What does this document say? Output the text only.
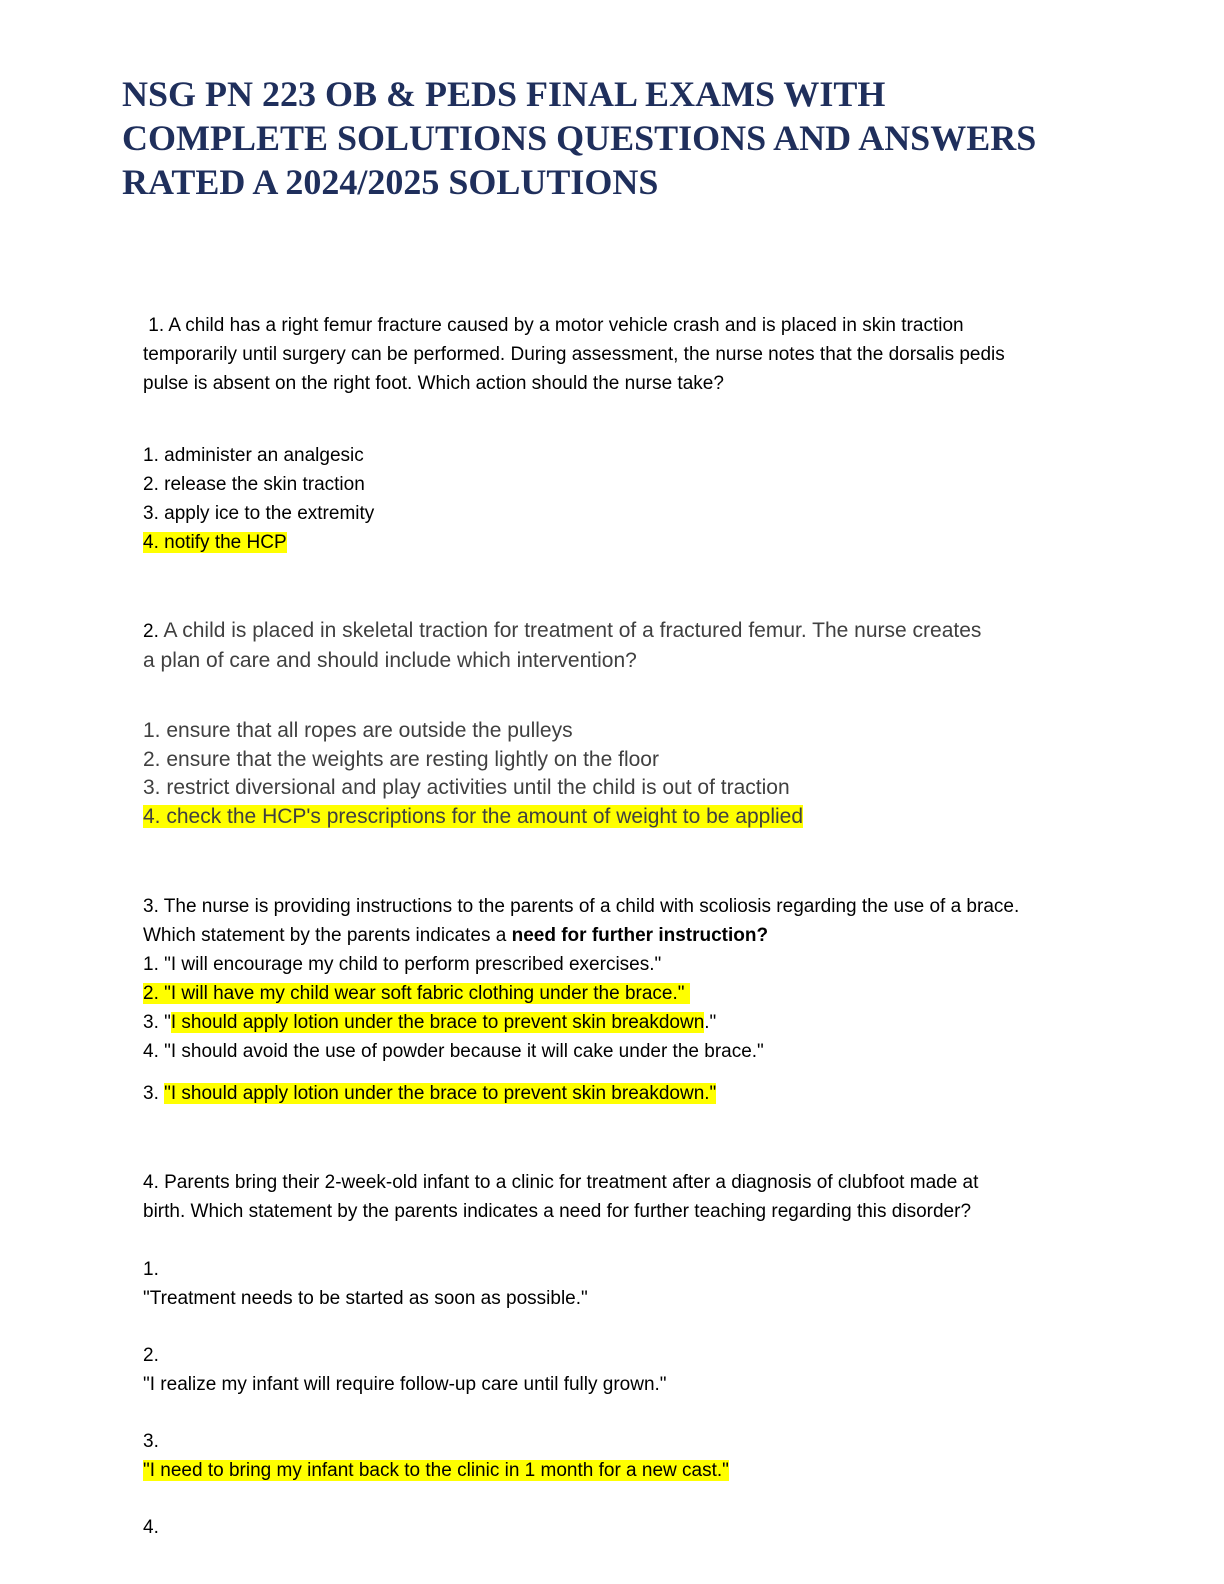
NSG PN 223 OB & PEDS FINAL EXAMS WITH
COMPLETE SOLUTIONS QUESTIONS AND ANSWERS
RATED A 2024/2025 SOLUTIONS
1. A child has a right femur fracture caused by a motor vehicle crash and is placed in skin traction
temporarily until surgery can be performed. During assessment, the nurse notes that the dorsalis pedis
pulse is absent on the right foot. Which action should the nurse take?
1. administer an analgesic
2. release the skin traction
3. apply ice to the extremity
4. notify the HCP
2. A child is placed in skeletal traction for treatment of a fractured femur. The nurse creates
a plan of care and should include which intervention?
1. ensure that all ropes are outside the pulleys
2. ensure that the weights are resting lightly on the floor
3. restrict diversional and play activities until the child is out of traction
4. check the HCP's prescriptions for the amount of weight to be applied
3. The nurse is providing instructions to the parents of a child with scoliosis regarding the use of a brace.
Which statement by the parents indicates a need for further instruction?
1. "I will encourage my child to perform prescribed exercises."
2. "I will have my child wear soft fabric clothing under the brace."
3. "I should apply lotion under the brace to prevent skin breakdown."
4. "I should avoid the use of powder because it will cake under the brace."
3. "I should apply lotion under the brace to prevent skin breakdown."
4. Parents bring their 2-week-old infant to a clinic for treatment after a diagnosis of clubfoot made at
birth. Which statement by the parents indicates a need for further teaching regarding this disorder?
1.
"Treatment needs to be started as soon as possible."
2.
"I realize my infant will require follow-up care until fully grown."
3.
"I need to bring my infant back to the clinic in 1 month for a new cast."
4.
